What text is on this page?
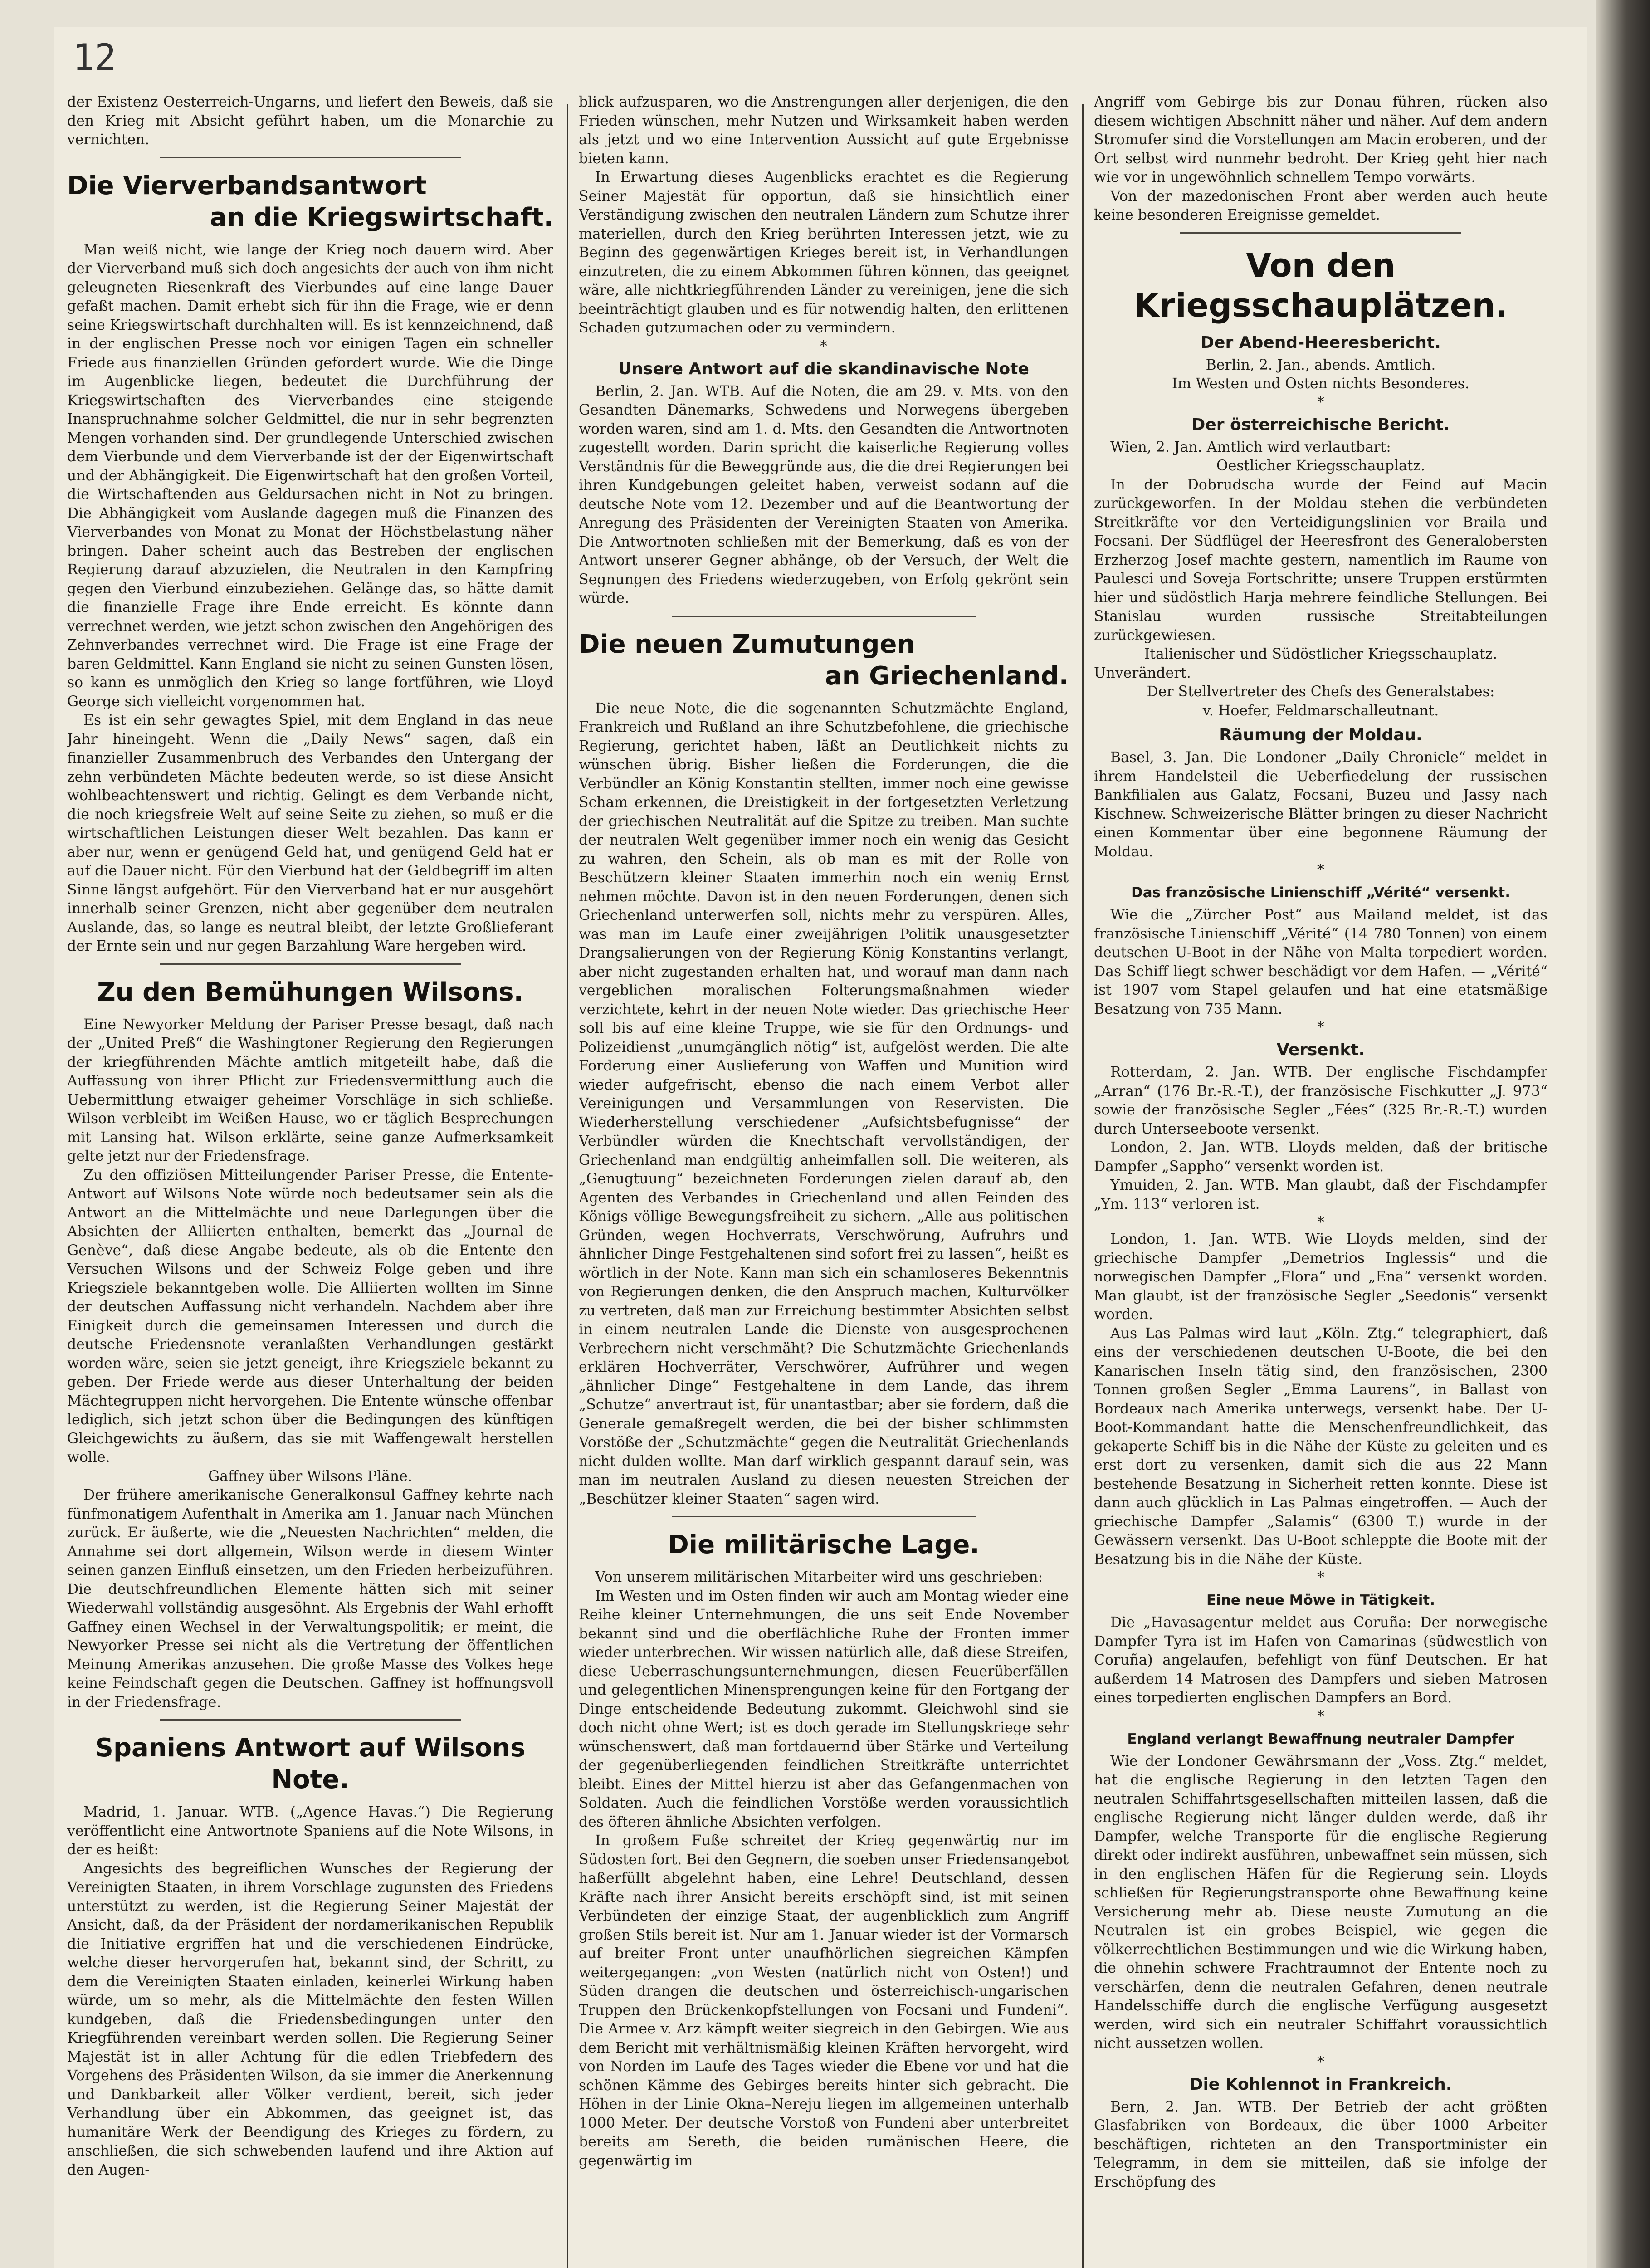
12

der Existenz Oesterreich-Ungarns, und liefert den Beweis, daß sie den Krieg mit Absicht geführt haben, um die Monarchie zu vernichten.

Die Vierverbandsantwort
an die Kriegswirtschaft.

Man weiß nicht, wie lange der Krieg noch dauern wird. Aber der Vierverband muß sich doch angesichts der auch von ihm nicht geleugneten Riesenkraft des Vierbundes auf eine lange Dauer gefaßt machen. Damit erhebt sich für ihn die Frage, wie er denn seine Kriegswirtschaft durchhalten will. Es ist kennzeichnend, daß in der englischen Presse noch vor einigen Tagen ein schneller Friede aus finanziellen Gründen gefordert wurde. Wie die Dinge im Augenblicke liegen, bedeutet die Durchführung der Kriegswirtschaften des Vierverbandes eine steigende Inanspruchnahme solcher Geldmittel, die nur in sehr begrenzten Mengen vorhanden sind. Der grundlegende Unterschied zwischen dem Vierbunde und dem Vierverbande ist der der Eigenwirtschaft und der Abhängigkeit. Die Eigenwirtschaft hat den großen Vorteil, die Wirtschaftenden aus Geldursachen nicht in Not zu bringen. Die Abhängigkeit vom Auslande dagegen muß die Finanzen des Vierverbandes von Monat zu Monat der Höchstbelastung näher bringen. Daher scheint auch das Bestreben der englischen Regierung darauf abzuzielen, die Neutralen in den Kampfring gegen den Vierbund einzubeziehen. Gelänge das, so hätte damit die finanzielle Frage ihre Ende erreicht. Es könnte dann verrechnet werden, wie jetzt schon zwischen den Angehörigen des Zehnverbandes verrechnet wird. Die Frage ist eine Frage der baren Geldmittel. Kann England sie nicht zu seinen Gunsten lösen, so kann es unmöglich den Krieg so lange fortführen, wie Lloyd George sich vielleicht vorgenommen hat.

Es ist ein sehr gewagtes Spiel, mit dem England in das neue Jahr hineingeht. Wenn die „Daily News“ sagen, daß ein finanzieller Zusammenbruch des Verbandes den Untergang der zehn verbündeten Mächte bedeuten werde, so ist diese Ansicht wohlbeachtenswert und richtig. Gelingt es dem Verbande nicht, die noch kriegsfreie Welt auf seine Seite zu ziehen, so muß er die wirtschaftlichen Leistungen dieser Welt bezahlen. Das kann er aber nur, wenn er genügend Geld hat, und genügend Geld hat er auf die Dauer nicht. Für den Vierbund hat der Geldbegriff im alten Sinne längst aufgehört. Für den Vierverband hat er nur ausgehört innerhalb seiner Grenzen, nicht aber gegenüber dem neutralen Auslande, das, so lange es neutral bleibt, der letzte Großlieferant der Ernte sein und nur gegen Barzahlung Ware hergeben wird.

Zu den Bemühungen Wilsons.

Eine Newyorker Meldung der Pariser Presse besagt, daß nach der „United Preß“ die Washingtoner Regierung den Regierungen der kriegführenden Mächte amtlich mitgeteilt habe, daß die Auffassung von ihrer Pflicht zur Friedensvermittlung auch die Uebermittlung etwaiger geheimer Vorschläge in sich schließe. Wilson verbleibt im Weißen Hause, wo er täglich Besprechungen mit Lansing hat. Wilson erklärte, seine ganze Aufmerksamkeit gelte jetzt nur der Friedensfrage.

Zu den offiziösen Mitteilungender Pariser Presse, die Entente-Antwort auf Wilsons Note würde noch bedeutsamer sein als die Antwort an die Mittelmächte und neue Darlegungen über die Absichten der Alliierten enthalten, bemerkt das „Journal de Genève“, daß diese Angabe bedeute, als ob die Entente den Versuchen Wilsons und der Schweiz Folge geben und ihre Kriegsziele bekanntgeben wolle. Die Alliierten wollten im Sinne der deutschen Auffassung nicht verhandeln. Nachdem aber ihre Einigkeit durch die gemeinsamen Interessen und durch die deutsche Friedensnote veranlaßten Verhandlungen gestärkt worden wäre, seien sie jetzt geneigt, ihre Kriegsziele bekannt zu geben. Der Friede werde aus dieser Unterhaltung der beiden Mächtegruppen nicht hervorgehen. Die Entente wünsche offenbar lediglich, sich jetzt schon über die Bedingungen des künftigen Gleichgewichts zu äußern, das sie mit Waffengewalt herstellen wolle.

Gaffney über Wilsons Pläne.

Der frühere amerikanische Generalkonsul Gaffney kehrte nach fünfmonatigem Aufenthalt in Amerika am 1. Januar nach München zurück. Er äußerte, wie die „Neuesten Nachrichten“ melden, die Annahme sei dort allgemein, Wilson werde in diesem Winter seinen ganzen Einfluß einsetzen, um den Frieden herbeizuführen. Die deutschfreundlichen Elemente hätten sich mit seiner Wiederwahl vollständig ausgesöhnt. Als Ergebnis der Wahl erhofft Gaffney einen Wechsel in der Verwaltungspolitik; er meint, die Newyorker Presse sei nicht als die Vertretung der öffentlichen Meinung Amerikas anzusehen. Die große Masse des Volkes hege keine Feindschaft gegen die Deutschen. Gaffney ist hoffnungsvoll in der Friedensfrage.

Spaniens Antwort auf Wilsons Note.

Madrid, 1. Januar. WTB. („Agence Havas.“) Die Regierung veröffentlicht eine Antwortnote Spaniens auf die Note Wilsons, in der es heißt:

Angesichts des begreiflichen Wunsches der Regierung der Vereinigten Staaten, in ihrem Vorschlage zugunsten des Friedens unterstützt zu werden, ist die Regierung Seiner Majestät der Ansicht, daß, da der Präsident der nordamerikanischen Republik die Initiative ergriffen hat und die verschiedenen Eindrücke, welche dieser hervorgerufen hat, bekannt sind, der Schritt, zu dem die Vereinigten Staaten einladen, keinerlei Wirkung haben würde, um so mehr, als die Mittelmächte den festen Willen kundgeben, daß die Friedensbedingungen unter den Kriegführenden vereinbart werden sollen. Die Regierung Seiner Majestät ist in aller Achtung für die edlen Triebfedern des Vorgehens des Präsidenten Wilson, da sie immer die Anerkennung und Dankbarkeit aller Völker verdient, bereit, sich jeder Verhandlung über ein Abkommen, das geeignet ist, das humanitäre Werk der Beendigung des Krieges zu fördern, zu anschließen, die sich schwebenden laufend und ihre Aktion auf den Augen-

blick aufzusparen, wo die Anstrengungen aller derjenigen, die den Frieden wünschen, mehr Nutzen und Wirksamkeit haben werden als jetzt und wo eine Intervention Aussicht auf gute Ergebnisse bieten kann.

In Erwartung dieses Augenblicks erachtet es die Regierung Seiner Majestät für opportun, daß sie hinsichtlich einer Verständigung zwischen den neutralen Ländern zum Schutze ihrer materiellen, durch den Krieg berührten Interessen jetzt, wie zu Beginn des gegenwärtigen Krieges bereit ist, in Verhandlungen einzutreten, die zu einem Abkommen führen können, das geeignet wäre, alle nichtkriegführenden Länder zu vereinigen, jene die sich beeinträchtigt glauben und es für notwendig halten, den erlittenen Schaden gutzumachen oder zu vermindern.

*
Unsere Antwort auf die skandinavische Note

Berlin, 2. Jan. WTB. Auf die Noten, die am 29. v. Mts. von den Gesandten Dänemarks, Schwedens und Norwegens übergeben worden waren, sind am 1. d. Mts. den Gesandten die Antwortnoten zugestellt worden. Darin spricht die kaiserliche Regierung volles Verständnis für die Beweggründe aus, die die drei Regierungen bei ihren Kundgebungen geleitet haben, verweist sodann auf die deutsche Note vom 12. Dezember und auf die Beantwortung der Anregung des Präsidenten der Vereinigten Staaten von Amerika. Die Antwortnoten schließen mit der Bemerkung, daß es von der Antwort unserer Gegner abhänge, ob der Versuch, der Welt die Segnungen des Friedens wiederzugeben, von Erfolg gekrönt sein würde.

Die neuen Zumutungen
an Griechenland.

Die neue Note, die die sogenannten Schutzmächte England, Frankreich und Rußland an ihre Schutzbefohlene, die griechische Regierung, gerichtet haben, läßt an Deutlichkeit nichts zu wünschen übrig. Bisher ließen die Forderungen, die die Verbündler an König Konstantin stellten, immer noch eine gewisse Scham erkennen, die Dreistigkeit in der fortgesetzten Verletzung der griechischen Neutralität auf die Spitze zu treiben. Man suchte der neutralen Welt gegenüber immer noch ein wenig das Gesicht zu wahren, den Schein, als ob man es mit der Rolle von Beschützern kleiner Staaten immerhin noch ein wenig Ernst nehmen möchte. Davon ist in den neuen Forderungen, denen sich Griechenland unterwerfen soll, nichts mehr zu verspüren. Alles, was man im Laufe einer zweijährigen Politik unausgesetzter Drangsalierungen von der Regierung König Konstantins verlangt, aber nicht zugestanden erhalten hat, und worauf man dann nach vergeblichen moralischen Folterungsmaßnahmen wieder verzichtete, kehrt in der neuen Note wieder. Das griechische Heer soll bis auf eine kleine Truppe, wie sie für den Ordnungs- und Polizeidienst „unumgänglich nötig“ ist, aufgelöst werden. Die alte Forderung einer Auslieferung von Waffen und Munition wird wieder aufgefrischt, ebenso die nach einem Verbot aller Vereinigungen und Versammlungen von Reservisten. Die Wiederherstellung verschiedener „Aufsichtsbefugnisse“ der Verbündler würden die Knechtschaft vervollständigen, der Griechenland man endgültig anheimfallen soll. Die weiteren, als „Genugtuung“ bezeichneten Forderungen zielen darauf ab, den Agenten des Verbandes in Griechenland und allen Feinden des Königs völlige Bewegungsfreiheit zu sichern. „Alle aus politischen Gründen, wegen Hochverrats, Verschwörung, Aufruhrs und ähnlicher Dinge Festgehaltenen sind sofort frei zu lassen“, heißt es wörtlich in der Note. Kann man sich ein schamloseres Bekenntnis von Regierungen denken, die den Anspruch machen, Kulturvölker zu vertreten, daß man zur Erreichung bestimmter Absichten selbst in einem neutralen Lande die Dienste von ausgesprochenen Verbrechern nicht verschmäht? Die Schutzmächte Griechenlands erklären Hochverräter, Verschwörer, Aufrührer und wegen „ähnlicher Dinge“ Festgehaltene in dem Lande, das ihrem „Schutze“ anvertraut ist, für unantastbar; aber sie fordern, daß die Generale gemaßregelt werden, die bei der bisher schlimmsten Vorstöße der „Schutzmächte“ gegen die Neutralität Griechenlands nicht dulden wollte. Man darf wirklich gespannt darauf sein, was man im neutralen Ausland zu diesen neuesten Streichen der „Beschützer kleiner Staaten“ sagen wird.

Die militärische Lage.

Von unserem militärischen Mitarbeiter wird uns geschrieben:

Im Westen und im Osten finden wir auch am Montag wieder eine Reihe kleiner Unternehmungen, die uns seit Ende November bekannt sind und die oberflächliche Ruhe der Fronten immer wieder unterbrechen. Wir wissen natürlich alle, daß diese Streifen, diese Ueberraschungsunternehmungen, diesen Feuerüberfällen und gelegentlichen Minensprengungen keine für den Fortgang der Dinge entscheidende Bedeutung zukommt. Gleichwohl sind sie doch nicht ohne Wert; ist es doch gerade im Stellungskriege sehr wünschenswert, daß man fortdauernd über Stärke und Verteilung der gegenüberliegenden feindlichen Streitkräfte unterrichtet bleibt. Eines der Mittel hierzu ist aber das Gefangenmachen von Soldaten. Auch die feindlichen Vorstöße werden voraussichtlich des öfteren ähnliche Absichten verfolgen.

In großem Fuße schreitet der Krieg gegenwärtig nur im Südosten fort. Bei den Gegnern, die soeben unser Friedensangebot haßerfüllt abgelehnt haben, eine Lehre! Deutschland, dessen Kräfte nach ihrer Ansicht bereits erschöpft sind, ist mit seinen Verbündeten der einzige Staat, der augenblicklich zum Angriff großen Stils bereit ist. Nur am 1. Januar wieder ist der Vormarsch auf breiter Front unter unaufhörlichen siegreichen Kämpfen weitergegangen: „von Westen (natürlich nicht von Osten!) und Süden drangen die deutschen und österreichisch-ungarischen Truppen den Brückenkopfstellungen von Focsani und Fundeni“. Die Armee v. Arz kämpft weiter siegreich in den Gebirgen. Wie aus dem Bericht mit verhältnismäßig kleinen Kräften hervorgeht, wird von Norden im Laufe des Tages wieder die Ebene vor und hat die schönen Kämme des Gebirges bereits hinter sich gebracht. Die Höhen in der Linie Okna–Nereju liegen im allgemeinen unterhalb 1000 Meter. Der deutsche Vorstoß von Fundeni aber unterbreitet bereits am Sereth, die beiden rumänischen Heere, die gegenwärtig im

Angriff vom Gebirge bis zur Donau führen, rücken also diesem wichtigen Abschnitt näher und näher. Auf dem andern Stromufer sind die Vorstellungen am Macin eroberen, und der Ort selbst wird nunmehr bedroht. Der Krieg geht hier nach wie vor in ungewöhnlich schnellem Tempo vorwärts.

Von der mazedonischen Front aber werden auch heute keine besonderen Ereignisse gemeldet.

Von den Kriegsschauplätzen.
Der Abend-Heeresbericht.

Berlin, 2. Jan., abends. Amtlich.

Im Westen und Osten nichts Besonderes.

*
Der österreichische Bericht.

Wien, 2. Jan. Amtlich wird verlautbart:

Oestlicher Kriegsschauplatz.

In der Dobrudscha wurde der Feind auf Macin zurückgeworfen. In der Moldau stehen die verbündeten Streitkräfte vor den Verteidigungslinien vor Braila und Focsani. Der Südflügel der Heeresfront des Generalobersten Erzherzog Josef machte gestern, namentlich im Raume von Paulesci und Soveja Fortschritte; unsere Truppen erstürmten hier und südöstlich Harja mehrere feindliche Stellungen. Bei Stanislau wurden russische Streitabteilungen zurückgewiesen.

Italienischer und Südöstlicher Kriegsschauplatz.

Unverändert.

Der Stellvertreter des Chefs des Generalstabes:

v. Hoefer, Feldmarschalleutnant.

Räumung der Moldau.

Basel, 3. Jan. Die Londoner „Daily Chronicle“ meldet in ihrem Handelsteil die Ueberfiedelung der russischen Bankfilialen aus Galatz, Focsani, Buzeu und Jassy nach Kischnew. Schweizerische Blätter bringen zu dieser Nachricht einen Kommentar über eine begonnene Räumung der Moldau.

*
Das französische Linienschiff „Vérité“ versenkt.

Wie die „Zürcher Post“ aus Mailand meldet, ist das französische Linienschiff „Vérité“ (14 780 Tonnen) von einem deutschen U-Boot in der Nähe von Malta torpediert worden. Das Schiff liegt schwer beschädigt vor dem Hafen. — „Vérité“ ist 1907 vom Stapel gelaufen und hat eine etatsmäßige Besatzung von 735 Mann.

*
Versenkt.

Rotterdam, 2. Jan. WTB. Der englische Fischdampfer „Arran“ (176 Br.-R.-T.), der französische Fischkutter „J. 973“ sowie der französische Segler „Fées“ (325 Br.-R.-T.) wurden durch Unterseeboote versenkt.

London, 2. Jan. WTB. Lloyds melden, daß der britische Dampfer „Sappho“ versenkt worden ist.

Ymuiden, 2. Jan. WTB. Man glaubt, daß der Fischdampfer „Ym. 113“ verloren ist.

*

London, 1. Jan. WTB. Wie Lloyds melden, sind der griechische Dampfer „Demetrios Inglessis“ und die norwegischen Dampfer „Flora“ und „Ena“ versenkt worden. Man glaubt, ist der französische Segler „Seedonis“ versenkt worden.

Aus Las Palmas wird laut „Köln. Ztg.“ telegraphiert, daß eins der verschiedenen deutschen U-Boote, die bei den Kanarischen Inseln tätig sind, den französischen, 2300 Tonnen großen Segler „Emma Laurens“, in Ballast von Bordeaux nach Amerika unterwegs, versenkt habe. Der U-Boot-Kommandant hatte die Menschenfreundlichkeit, das gekaperte Schiff bis in die Nähe der Küste zu geleiten und es erst dort zu versenken, damit sich die aus 22 Mann bestehende Besatzung in Sicherheit retten konnte. Diese ist dann auch glücklich in Las Palmas eingetroffen. — Auch der griechische Dampfer „Salamis“ (6300 T.) wurde in der Gewässern versenkt. Das U-Boot schleppte die Boote mit der Besatzung bis in die Nähe der Küste.

*
Eine neue Möwe in Tätigkeit.

Die „Havasagentur meldet aus Coruña: Der norwegische Dampfer Tyra ist im Hafen von Camarinas (südwestlich von Coruña) angelaufen, befehligt von fünf Deutschen. Er hat außerdem 14 Matrosen des Dampfers und sieben Matrosen eines torpedierten englischen Dampfers an Bord.

*
England verlangt Bewaffnung neutraler Dampfer

Wie der Londoner Gewährsmann der „Voss. Ztg.“ meldet, hat die englische Regierung in den letzten Tagen den neutralen Schiffahrtsgesellschaften mitteilen lassen, daß die englische Regierung nicht länger dulden werde, daß ihr Dampfer, welche Transporte für die englische Regierung direkt oder indirekt ausführen, unbewaffnet sein müssen, sich in den englischen Häfen für die Regierung sein. Lloyds schließen für Regierungstransporte ohne Bewaffnung keine Versicherung mehr ab. Diese neuste Zumutung an die Neutralen ist ein grobes Beispiel, wie gegen die völkerrechtlichen Bestimmungen und wie die Wirkung haben, die ohnehin schwere Frachtraumnot der Entente noch zu verschärfen, denn die neutralen Gefahren, denen neutrale Handelsschiffe durch die englische Verfügung ausgesetzt werden, wird sich ein neutraler Schiffahrt voraussichtlich nicht aussetzen wollen.

*
Die Kohlennot in Frankreich.

Bern, 2. Jan. WTB. Der Betrieb der acht größten Glasfabriken von Bordeaux, die über 1000 Arbeiter beschäftigen, richteten an den Transportminister ein Telegramm, in dem sie mitteilen, daß sie infolge der Erschöpfung des
